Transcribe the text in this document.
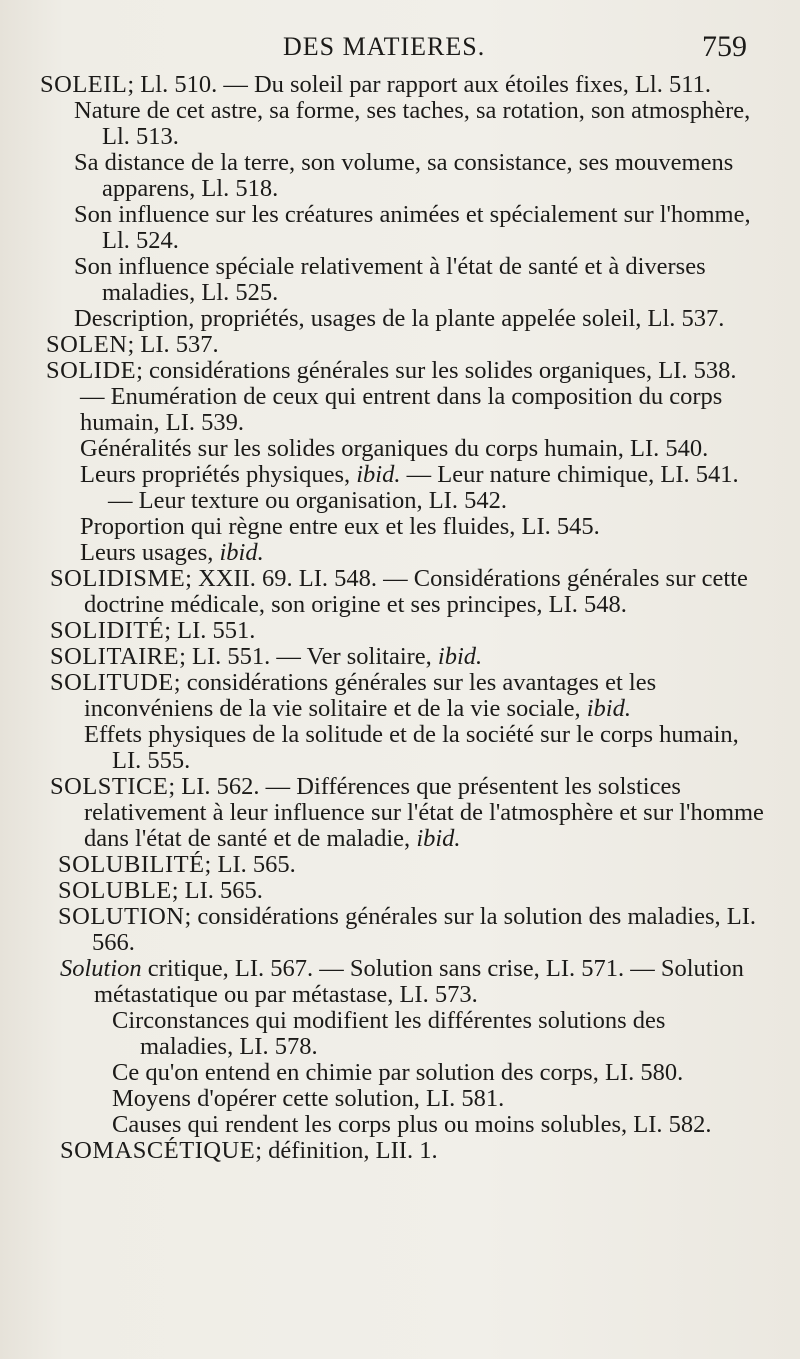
DES MATIERES.	759

SOLEIL; Ll. 510. — Du soleil par rapport aux étoiles fixes, Ll. 511.

Nature de cet astre, sa forme, ses taches, sa rotation, son atmosphère, Ll. 513.

Sa distance de la terre, son volume, sa consistance, ses mouvemens apparens, Ll. 518.

Son influence sur les créatures animées et spécialement sur l'homme, Ll. 524.

Son influence spéciale relativement à l'état de santé et à diverses maladies, Ll. 525.

Description, propriétés, usages de la plante appelée soleil, Ll. 537.

SOLEN; LI. 537.

SOLIDE; considérations générales sur les solides organiques, LI. 538. — Enumération de ceux qui entrent dans la composition du corps humain, LI. 539.

Généralités sur les solides organiques du corps humain, LI. 540.

Leurs propriétés physiques, ibid. — Leur nature chimique, LI. 541. — Leur texture ou organisation, LI. 542.

Proportion qui règne entre eux et les fluides, LI. 545.

Leurs usages, ibid.

SOLIDISME; XXII. 69. LI. 548. — Considérations générales sur cette doctrine médicale, son origine et ses principes, LI. 548.

SOLIDITÉ; LI. 551.

SOLITAIRE; LI. 551. — Ver solitaire, ibid.

SOLITUDE; considérations générales sur les avantages et les inconvéniens de la vie solitaire et de la vie sociale, ibid.

Effets physiques de la solitude et de la société sur le corps humain, LI. 555.

SOLSTICE; LI. 562. — Différences que présentent les solstices relativement à leur influence sur l'état de l'atmosphère et sur l'homme dans l'état de santé et de maladie, ibid.

SOLUBILITÉ; LI. 565.

SOLUBLE; LI. 565.

SOLUTION; considérations générales sur la solution des maladies, LI. 566.

Solution critique, LI. 567. — Solution sans crise, LI. 571. — Solution métastatique ou par métastase, LI. 573.

Circonstances qui modifient les différentes solutions des maladies, LI. 578.

Ce qu'on entend en chimie par solution des corps, LI. 580.

Moyens d'opérer cette solution, LI. 581.

Causes qui rendent les corps plus ou moins solubles, LI. 582.

SOMASCÉTIQUE; définition, LII. 1.
